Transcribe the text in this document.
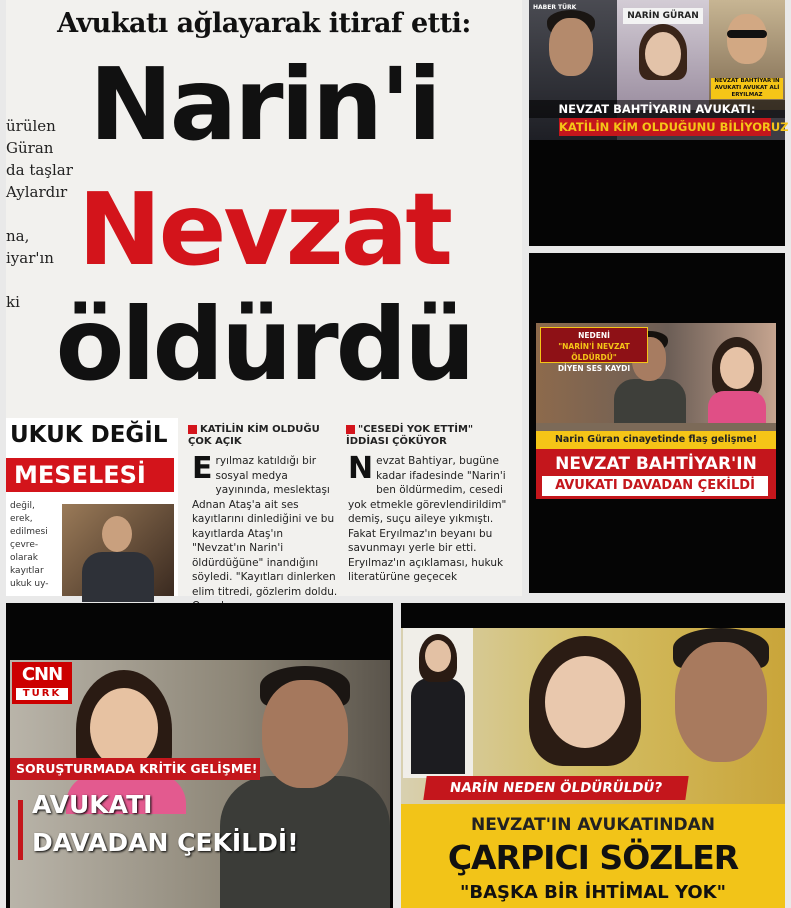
Avukatı ağlayarak itiraf etti:
Narin'i
Nevzat
öldürdü
ürülen
Güran
da taşlar
Aylardır

na,
iyar'ın

ki
UKUK DEĞİL
MESELESİ
değil, erek, edilmesi çevre- olarak kayıtlar ukuk uy-
KATİLİN KİM OLDUĞU ÇOK AÇIK
"CESEDİ YOK ETTİM" İDDİASI ÇÖKÜYOR
Eryılmaz katıldığı bir sosyal medya yayınında, meslektaşı Adnan Ataş'a ait ses kayıtlarını dinlediğini ve bu kayıtlarda Ataş'ın "Nevzat'ın Narin'i öldürdüğüne" inandığını söyledi. "Kayıtları dinlerken elim titredi, gözlerim doldu.
Nevzat Bahtiyar, bugüne kadar ifadesinde "Narin'i ben öldürmedim, cesedi yok etmekle görevlendirildim" demiş, suçu aileye yıkmıştı. Fakat Eryılmaz'ın beyanı bu savunmayı yerle bir etti. Eryılmaz'ın açıklaması, hukuk literatürüne geçecek
NARİN GÜRAN
NEVZAT BAHTİYAR'IN AVUKATI AVUKAT ALİ ERYILMAZ
HABER TÜRK
NEVZAT BAHTİYARIN AVUKATI:
KATİLİN KİM OLDUĞUNU BİLİYORUZ
NEDENİ
"NARİN'İ NEVZAT ÖLDÜRDÜ"
DİYEN SES KAYDI
Narin Güran cinayetinde flaş gelişme!
NEVZAT BAHTİYAR'IN
AVUKATI DAVADAN ÇEKİLDİ
CNN
TÜRK
SORUŞTURMADA KRİTİK GELİŞME!
AVUKATI
DAVADAN ÇEKİLDİ!
NARİN NEDEN ÖLDÜRÜLDÜ?
NEVZAT'IN AVUKATINDAN
ÇARPICI SÖZLER
"BAŞKA BİR İHTİMAL YOK"
